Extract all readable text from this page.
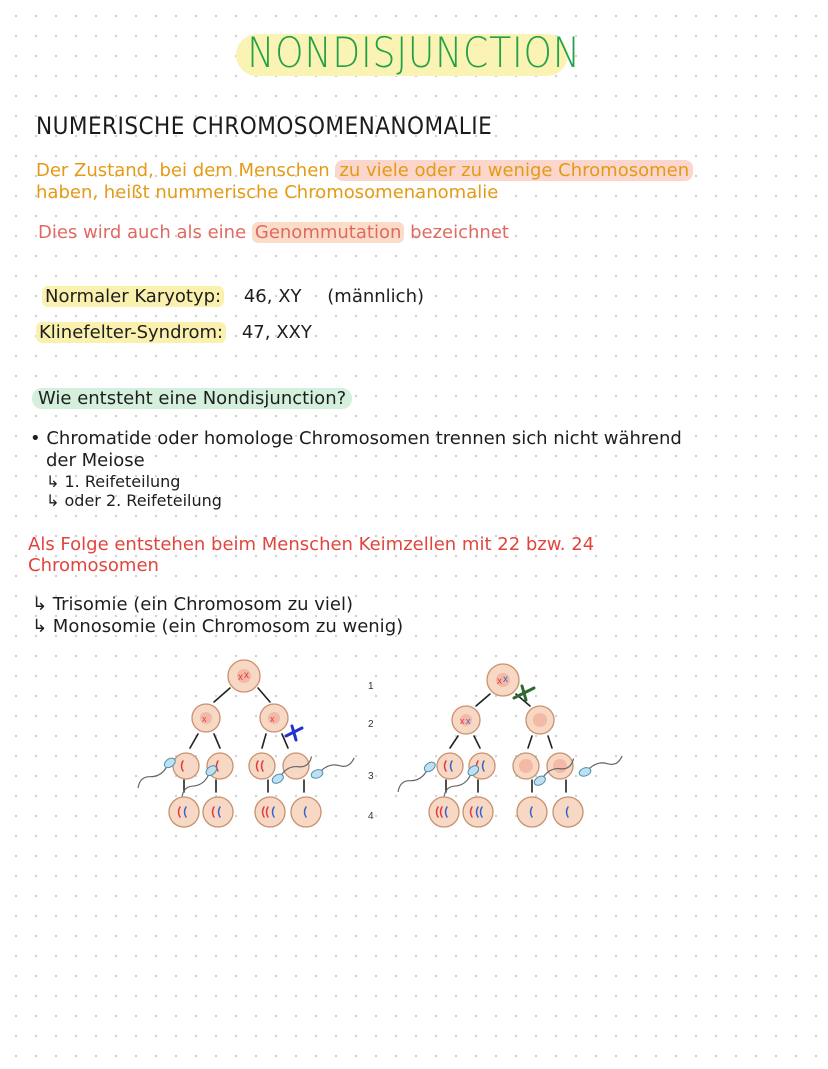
NONDISJUNCTION
NUMERISCHE CHROMOSOMENANOMALIE
Der Zustand, bei dem Menschen zu viele oder zu wenige Chromosomen
haben, heißt nummerische Chromosomenanomalie
Dies wird auch als eine Genommutation bezeichnet
Normaler Karyotyp: 46, XY (männlich)
Klinefelter-Syndrom: 47, XXY
Wie entsteht eine Nondisjunction?
• Chromatide oder homologe Chromosomen trennen sich nicht während
der Meiose
↳ 1. Reifeteilung
↳ oder 2. Reifeteilung
Als Folge entstehen beim Menschen Keimzellen mit 22 bzw. 24
Chromosomen
↳ Trisomie (ein Chromosom zu viel)
↳ Monosomie (ein Chromosom zu wenig)
1
2
3
4
x x
x	x
x x
x x
